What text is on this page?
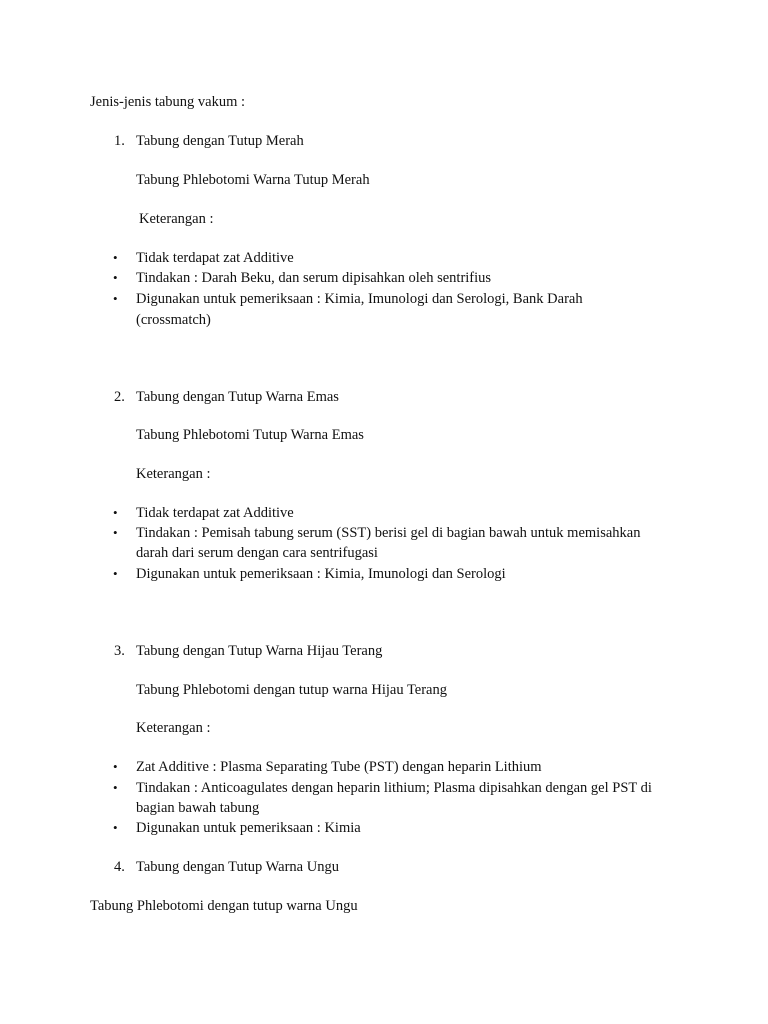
Jenis-jenis tabung vakum :
1. Tabung dengan Tutup Merah
Tabung Phlebotomi Warna Tutup Merah
Keterangan :
• Tidak terdapat zat Additive
• Tindakan : Darah Beku, dan serum dipisahkan oleh sentrifius
• Digunakan untuk pemeriksaan : Kimia, Imunologi dan Serologi, Bank Darah
(crossmatch)
2. Tabung dengan Tutup Warna Emas
Tabung Phlebotomi Tutup Warna Emas
Keterangan :
• Tidak terdapat zat Additive
• Tindakan : Pemisah tabung serum (SST) berisi gel di bagian bawah untuk memisahkan
darah dari serum dengan cara sentrifugasi
• Digunakan untuk pemeriksaan : Kimia, Imunologi dan Serologi
3. Tabung dengan Tutup Warna Hijau Terang
Tabung Phlebotomi dengan tutup warna Hijau Terang
Keterangan :
• Zat Additive : Plasma Separating Tube (PST) dengan heparin Lithium
• Tindakan : Anticoagulates dengan heparin lithium; Plasma dipisahkan dengan gel PST di
bagian bawah tabung
• Digunakan untuk pemeriksaan : Kimia
4. Tabung dengan Tutup Warna Ungu
Tabung Phlebotomi dengan tutup warna Ungu
